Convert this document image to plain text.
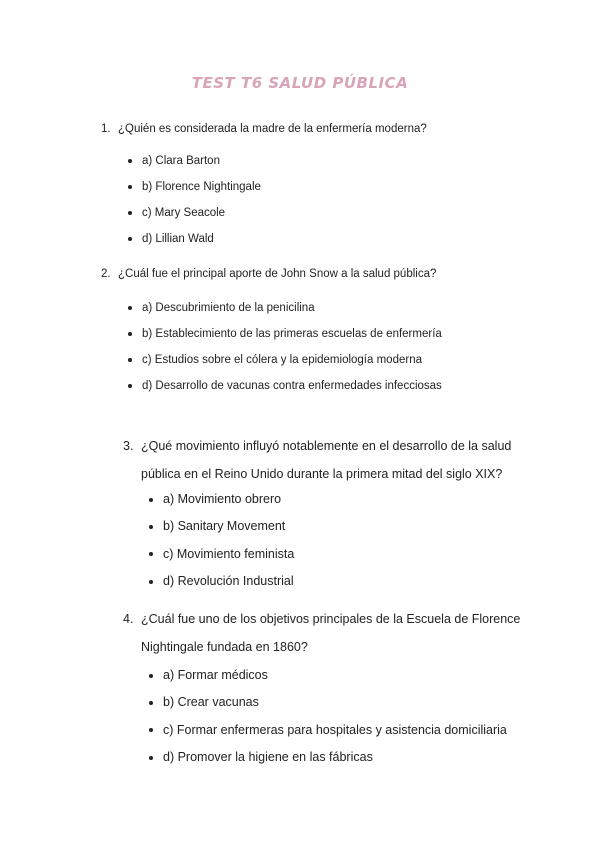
TEST T6 SALUD PÚBLICA
1. ¿Quién es considerada la madre de la enfermería moderna?
a) Clara Barton
b) Florence Nightingale
c) Mary Seacole
d) Lillian Wald
2. ¿Cuál fue el principal aporte de John Snow a la salud pública?
a) Descubrimiento de la penicilina
b) Establecimiento de las primeras escuelas de enfermería
c) Estudios sobre el cólera y la epidemiología moderna
d) Desarrollo de vacunas contra enfermedades infecciosas
3. ¿Qué movimiento influyó notablemente en el desarrollo de la salud
pública en el Reino Unido durante la primera mitad del siglo XIX?
a) Movimiento obrero
b) Sanitary Movement
c) Movimiento feminista
d) Revolución Industrial
4. ¿Cuál fue uno de los objetivos principales de la Escuela de Florence
Nightingale fundada en 1860?
a) Formar médicos
b) Crear vacunas
c) Formar enfermeras para hospitales y asistencia domiciliaria
d) Promover la higiene en las fábricas
